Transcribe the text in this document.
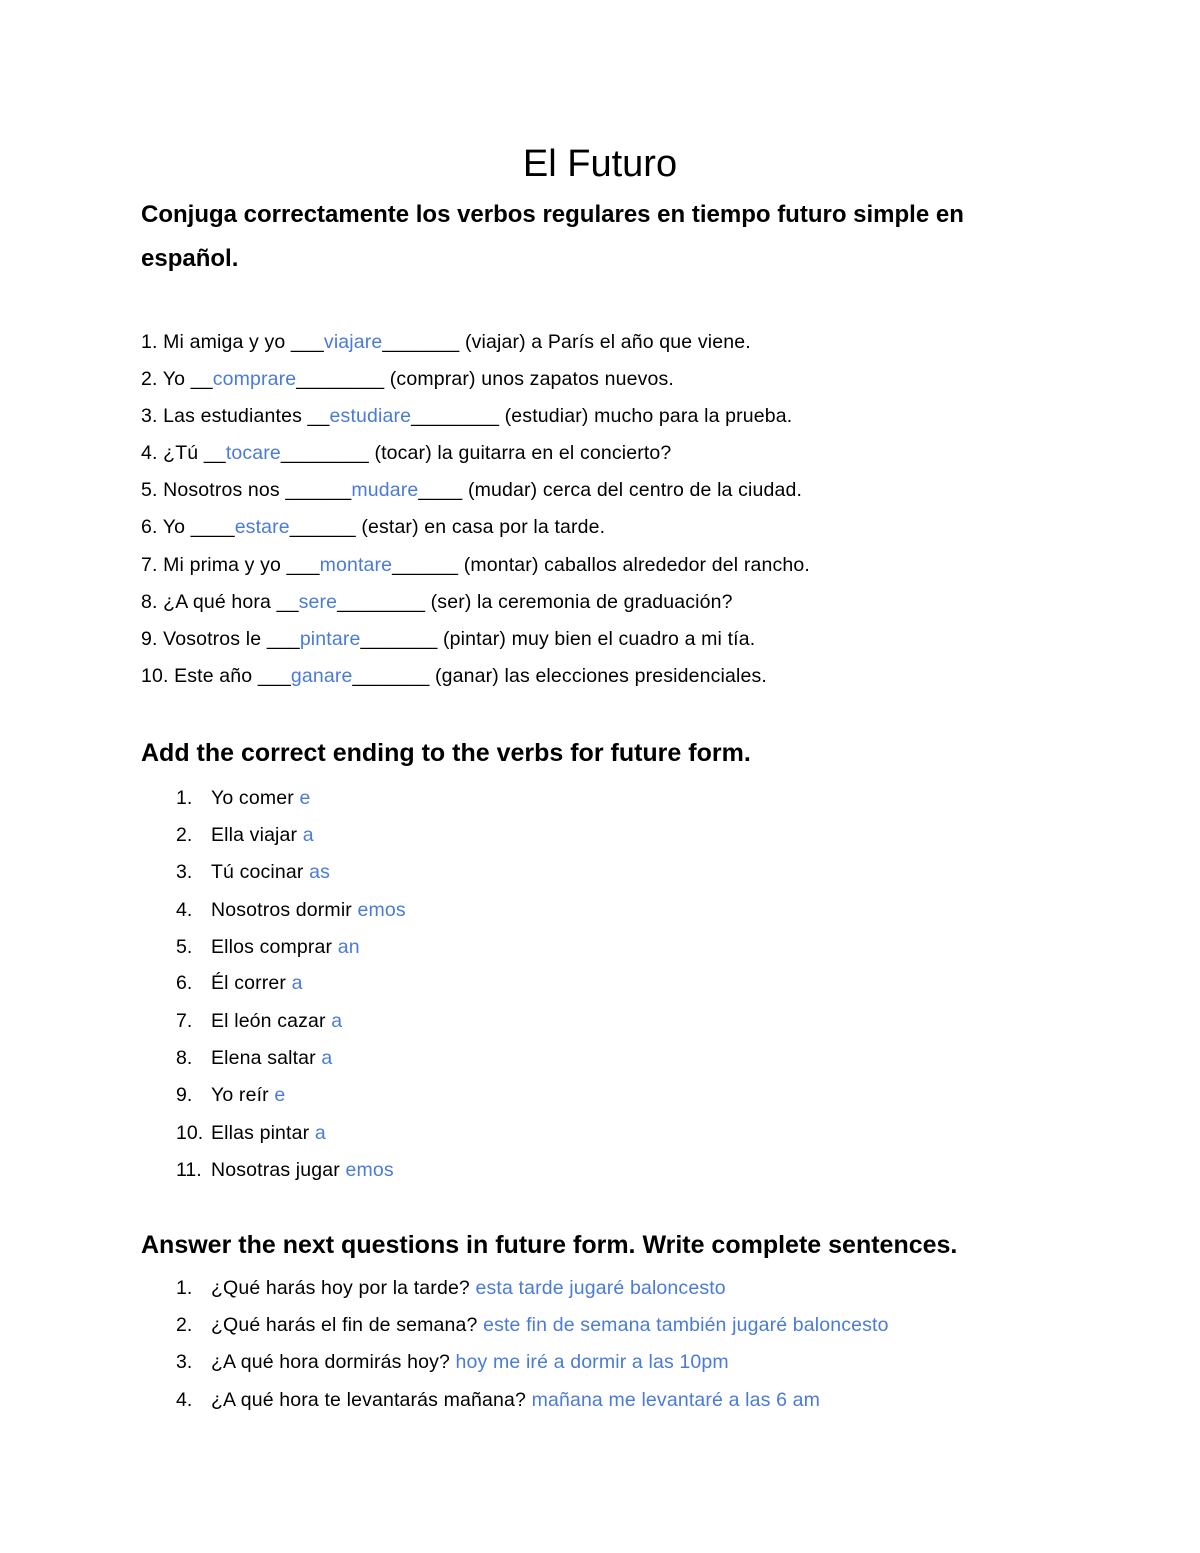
El Futuro
Conjuga correctamente los verbos regulares en tiempo futuro simple en español.
1. Mi amiga y yo ___viajare_______ (viajar) a París el año que viene.
2. Yo __comprare________ (comprar) unos zapatos nuevos.
3. Las estudiantes __estudiare________ (estudiar) mucho para la prueba.
4. ¿Tú __tocare________ (tocar) la guitarra en el concierto?
5. Nosotros nos ______mudare____ (mudar) cerca del centro de la ciudad.
6. Yo ____estare______ (estar) en casa por la tarde.
7. Mi prima y yo ___montare______ (montar) caballos alrededor del rancho.
8. ¿A qué hora __sere________ (ser) la ceremonia de graduación?
9. Vosotros le ___pintare_______ (pintar) muy bien el cuadro a mi tía.
10. Este año ___ganare_______ (ganar) las elecciones presidenciales.
Add the correct ending to the verbs for future form.
1. Yo comer e
2. Ella viajar a
3. Tú cocinar as
4. Nosotros dormir emos
5. Ellos comprar an
6. Él correr a
7. El león cazar a
8. Elena saltar a
9. Yo reír e
10. Ellas pintar a
11. Nosotras jugar emos
Answer the next questions in future form. Write complete sentences.
1. ¿Qué harás hoy por la tarde? esta tarde jugaré baloncesto
2. ¿Qué harás el fin de semana? este fin de semana también jugaré baloncesto
3. ¿A qué hora dormirás hoy? hoy me iré a dormir a las 10pm
4. ¿A qué hora te levantarás mañana? mañana me levantaré a las 6 am
